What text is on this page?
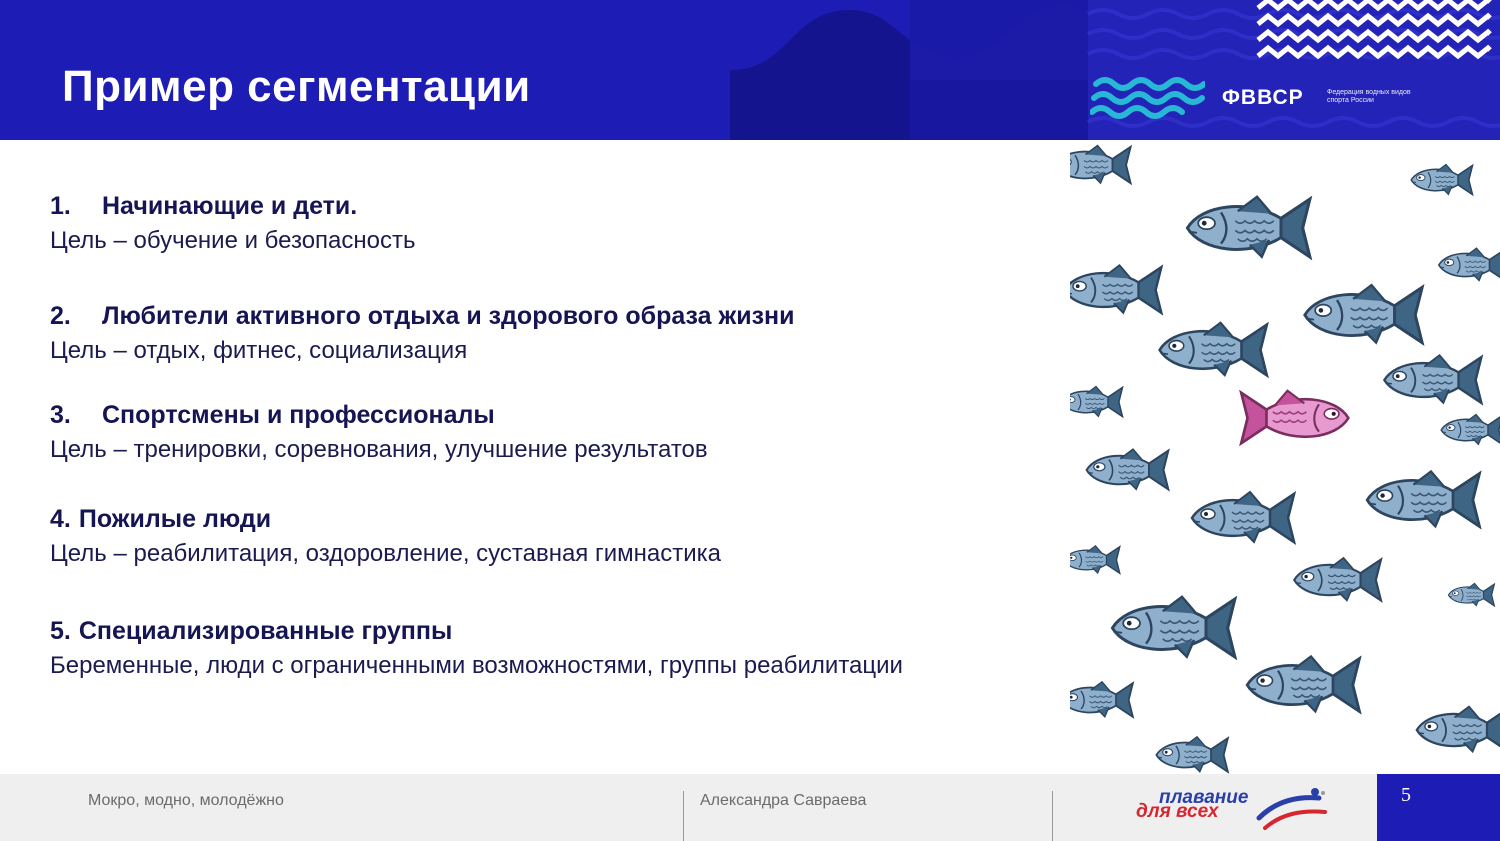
Пример сегментации	ФВВСР	Федерация водных видов спорта России
1.	Начинающие и дети.
Цель – обучение и безопасность
2.	Любители активного отдыха и здорового образа жизни
Цель – отдых, фитнес, социализация
3.	Спортсмены и профессионалы
Цель – тренировки, соревнования, улучшение результатов
4. Пожилые люди
Цель – реабилитация, оздоровление, суставная гимнастика
5. Специализированные группы
Беременные, люди с ограниченными возможностями, группы реабилитации
Мокро, модно, молодёжно	Александра Савраева	плавание
для всех
5
